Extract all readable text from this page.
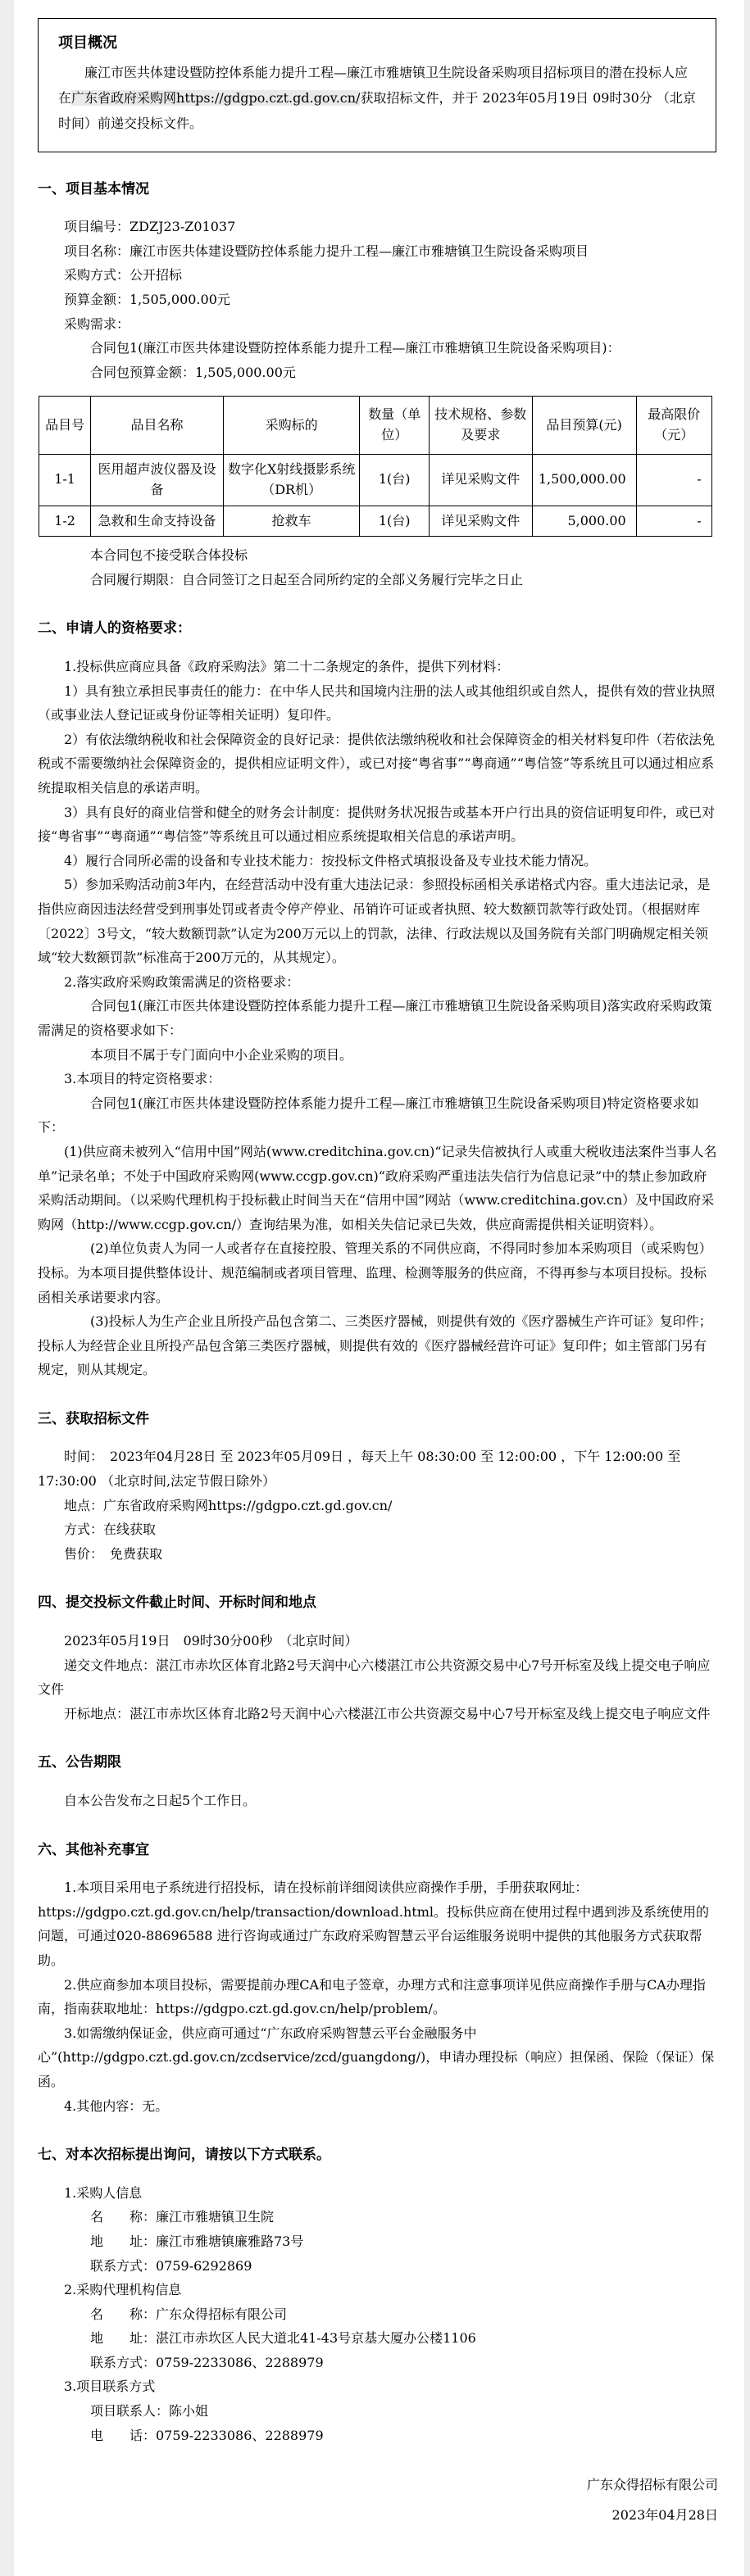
项目概况

廉江市医共体建设暨防控体系能力提升工程—廉江市雅塘镇卫生院设备采购项目招标项目的潜在投标人应在广东省政府采购网https://gdgpo.czt.gd.gov.cn/获取招标文件，并于 2023年05月19日 09时30分 （北京时间）前递交投标文件。

一、项目基本情况

项目编号：ZDZJ23-Z01037

项目名称：廉江市医共体建设暨防控体系能力提升工程—廉江市雅塘镇卫生院设备采购项目

采购方式：公开招标

预算金额：1,505,000.00元

采购需求：

合同包1(廉江市医共体建设暨防控体系能力提升工程—廉江市雅塘镇卫生院设备采购项目)：

合同包预算金额：1,505,000.00元

品目号	品目名称	采购标的	数量（单位）	技术规格、参数及要求	品目预算(元)	最高限价（元）
1-1	医用超声波仪器及设备	数字化X射线摄影系统（DR机）	1(台)	详见采购文件	1,500,000.00	-
1-2	急救和生命支持设备	抢救车	1(台)	详见采购文件	5,000.00	-

本合同包不接受联合体投标

合同履行期限：自合同签订之日起至合同所约定的全部义务履行完毕之日止

二、申请人的资格要求：

1.投标供应商应具备《政府采购法》第二十二条规定的条件，提供下列材料：

1）具有独立承担民事责任的能力：在中华人民共和国境内注册的法人或其他组织或自然人，提供有效的营业执照（或事业法人登记证或身份证等相关证明）复印件。

2）有依法缴纳税收和社会保障资金的良好记录：提供依法缴纳税收和社会保障资金的相关材料复印件（若依法免税或不需要缴纳社会保障资金的，提供相应证明文件），或已对接“粤省事”“粤商通”“粤信签”等系统且可以通过相应系统提取相关信息的承诺声明。

3）具有良好的商业信誉和健全的财务会计制度：提供财务状况报告或基本开户行出具的资信证明复印件，或已对接“粤省事”“粤商通”“粤信签”等系统且可以通过相应系统提取相关信息的承诺声明。

4）履行合同所必需的设备和专业技术能力：按投标文件格式填报设备及专业技术能力情况。

5）参加采购活动前3年内，在经营活动中没有重大违法记录：参照投标函相关承诺格式内容。重大违法记录，是指供应商因违法经营受到刑事处罚或者责令停产停业、吊销许可证或者执照、较大数额罚款等行政处罚。（根据财库〔2022〕3号文，“较大数额罚款”认定为200万元以上的罚款，法律、行政法规以及国务院有关部门明确规定相关领域“较大数额罚款”标准高于200万元的，从其规定）。

2.落实政府采购政策需满足的资格要求：

合同包1(廉江市医共体建设暨防控体系能力提升工程—廉江市雅塘镇卫生院设备采购项目)落实政府采购政策需满足的资格要求如下：

本项目不属于专门面向中小企业采购的项目。

3.本项目的特定资格要求：

合同包1(廉江市医共体建设暨防控体系能力提升工程—廉江市雅塘镇卫生院设备采购项目)特定资格要求如下：

(1)供应商未被列入“信用中国”网站(www.creditchina.gov.cn)“记录失信被执行人或重大税收违法案件当事人名单”记录名单；不处于中国政府采购网(www.ccgp.gov.cn)“政府采购严重违法失信行为信息记录”中的禁止参加政府采购活动期间。（以采购代理机构于投标截止时间当天在“信用中国”网站（www.creditchina.gov.cn）及中国政府采购网（http://www.ccgp.gov.cn/）查询结果为准，如相关失信记录已失效，供应商需提供相关证明资料）。

(2)单位负责人为同一人或者存在直接控股、管理关系的不同供应商，不得同时参加本采购项目（或采购包）投标。为本项目提供整体设计、规范编制或者项目管理、监理、检测等服务的供应商，不得再参与本项目投标。投标函相关承诺要求内容。

(3)投标人为生产企业且所投产品包含第二、三类医疗器械，则提供有效的《医疗器械生产许可证》复印件；投标人为经营企业且所投产品包含第三类医疗器械，则提供有效的《医疗器械经营许可证》复印件；如主管部门另有规定，则从其规定。

三、获取招标文件

时间：　2023年04月28日 至 2023年05月09日 ，每天上午 08:30:00 至 12:00:00 ，下午 12:00:00 至 17:30:00 （北京时间,法定节假日除外）

地点：广东省政府采购网https://gdgpo.czt.gd.gov.cn/

方式：在线获取

售价：　免费获取

四、提交投标文件截止时间、开标时间和地点

2023年05月19日　09时30分00秒　（北京时间）

递交文件地点：湛江市赤坎区体育北路2号天润中心六楼湛江市公共资源交易中心7号开标室及线上提交电子响应文件

开标地点：湛江市赤坎区体育北路2号天润中心六楼湛江市公共资源交易中心7号开标室及线上提交电子响应文件

五、公告期限

自本公告发布之日起5个工作日。

六、其他补充事宜

1.本项目采用电子系统进行招投标，请在投标前详细阅读供应商操作手册，手册获取网址：https://gdgpo.czt.gd.gov.cn/help/transaction/download.html。投标供应商在使用过程中遇到涉及系统使用的问题，可通过020-88696588 进行咨询或通过广东政府采购智慧云平台运维服务说明中提供的其他服务方式获取帮助。

2.供应商参加本项目投标，需要提前办理CA和电子签章，办理方式和注意事项详见供应商操作手册与CA办理指南，指南获取地址：https://gdgpo.czt.gd.gov.cn/help/problem/。

3.如需缴纳保证金，供应商可通过“广东政府采购智慧云平台金融服务中心”(http://gdgpo.czt.gd.gov.cn/zcdservice/zcd/guangdong/)，申请办理投标（响应）担保函、保险（保证）保函。

4.其他内容：无。

七、对本次招标提出询问，请按以下方式联系。

1.采购人信息

名　　称：廉江市雅塘镇卫生院

地　　址：廉江市雅塘镇廉雅路73号

联系方式：0759-6292869

2.采购代理机构信息

名　　称：广东众得招标有限公司

地　　址：湛江市赤坎区人民大道北41-43号京基大厦办公楼1106

联系方式：0759-2233086、2288979

3.项目联系方式

项目联系人：陈小姐

电　　话：0759-2233086、2288979

广东众得招标有限公司

2023年04月28日
